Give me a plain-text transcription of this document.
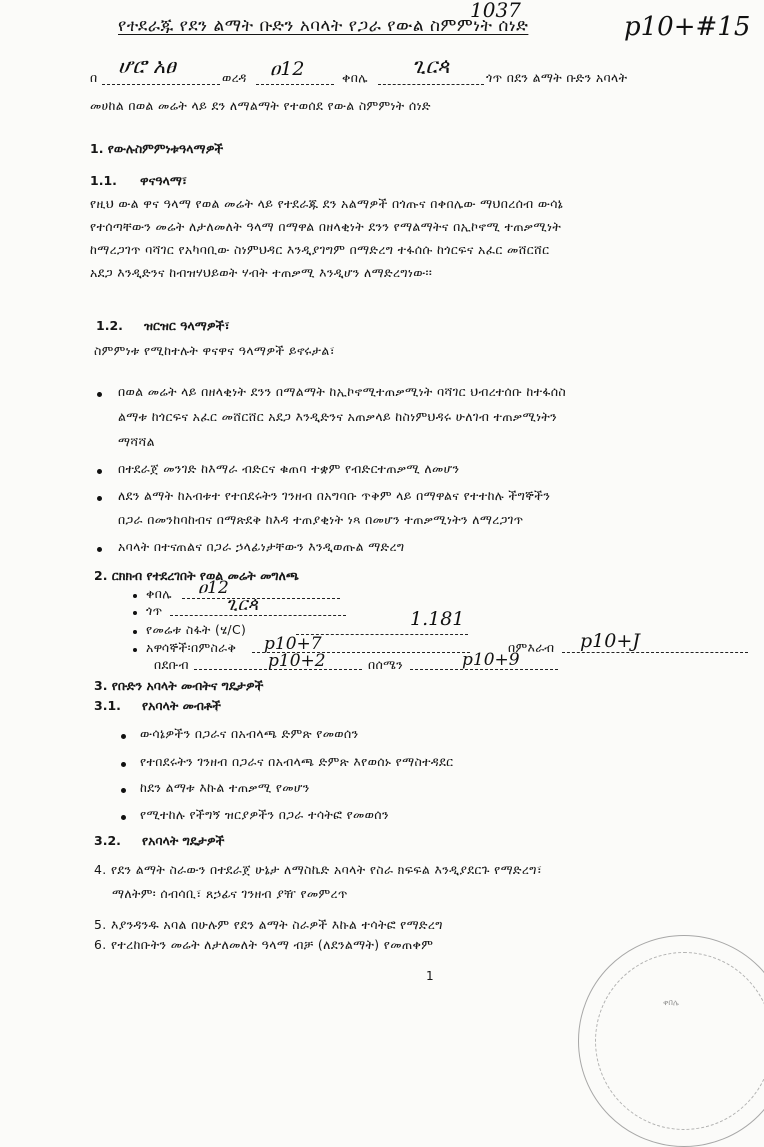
የተደራጁ የደን ልማት ቡድን አባላት የጋራ የውል ስምምነት ሰነድ
1037
p10+#15
በ ሆሮ አፀ	ወረዳ ዐ12	ቀበሌ ጊርጳ	ጎጥ በደን ልማት ቡድን አባላት
መሀከል በወል መሬት ላይ ደን ለማልማት የተወሰደ የውል ስምምነት ሰነድ
1. የውሉስምምነቱዓላማዎች
1.1. ዋናዓላማ፣
የዚህ ውል ዋና ዓላማ የወል መሬት ላይ የተደራጁ ደን አልማዎች በጎጡና በቀበሌው ማህበረሰብ ውሳኔ
የተሰጣቸውን መሬት ለታለመለት ዓላማ በማዋል በዘላቂነት ደንን የማልማትና በኢኮኖሚ ተጠቃሚነት
ከማረጋገጥ ባሻገር የአካባቢው ስነምህዳር እንዲያገግም በማድረግ ተፋሰሱ ከጎርፍና አፈር መሸርሸር
አደጋ እንዲድንና ከብዝሃህይወት ሃብት ተጠቃሚ እንዲሆን ለማድረግነው፡፡
1.2. ዝርዝር ዓላማዎች፣
ስምምነቱ የሚከተሉት ዋናዋና ዓላማዎች ይኖሩታል፣
በወል መሬት ላይ በዘላቂነት ደንን በማልማት ከኢኮኖሚተጠቃሚነት ባሻገር ህብረተሰቡ ከተፋሰስ
ልማቱ ከጎርፍና አፈር መሸርሸር አደጋ እንዲድንና አጠቃላይ ከስነምህዳሩ ሁለገብ ተጠቃሚነትን
ማሻሻል
በተደራጀ መንገድ ከእማራ ብድርና ቁጠባ ተቋም የብድርተጠቃሚ ለመሆን
ለደን ልማት ከአብቱተ የተበደሩትን ገንዘብ በአግባቡ ጥቅም ላይ በማዋልና የተተከሉ ችግኞችን
በጋራ በመንከባከብና በማጽደቅ ከእዳ ተጠያቂነት ነጻ በመሆን ተጠቃሚነትን ለማረጋገጥ
አባላት በተናጠልና በጋራ ኃላፊነታቸውን እንዲወጡል ማድረግ
2. ርክክብ የተደረገበት የወል መሬት መግለጫ
ቀበሌ ዐ12
ጎጥ	ጊርጳ
የመሬቱ ስፋት (ሄ/C)	1.181
አዋሳኞች፡በምስራቅ p10+7	በምእራብ p10+J
በደቡብ	p10+2	በሰሜን	p10+9
3. የቡድን አባላት መብትና ግዴታዎች
3.1. የአባላት መብቶች
ውሳኔዎችን በጋራና በአብላጫ ድምጽ የመወሰን
የተበደሩትን ገንዘብ በጋራና በአብላጫ ድምጽ እየወሰኑ የማስተዳደር
ከደን ልማቱ እኩል ተጠቃሚ የመሆን
የሚተከሉ የችግኝ ዝርያዎችን በጋራ ተሳትፎ የመወሰን
3.2. የአባላት ግዴታዎች
4. የደን ልማት ስራውን በተደራጀ ሁኔታ ለማስኬድ አባላት የስራ ክፍፍል እንዲያደርጉ የማድረግ፣
ማለትም፡ ሰብሳቢ፣ ጸኃፊና ገንዘብ ያዥ የመምረጥ
5. እያንዳንዱ አባል በሁሉም የደን ልማት ስራዎች እኩል ተሳትፎ የማድረግ
6. የተረከቡትን መሬት ለታለመለት ዓላማ ብቻ (ለደንልማት) የመጠቀም
1
ቀበሌ
